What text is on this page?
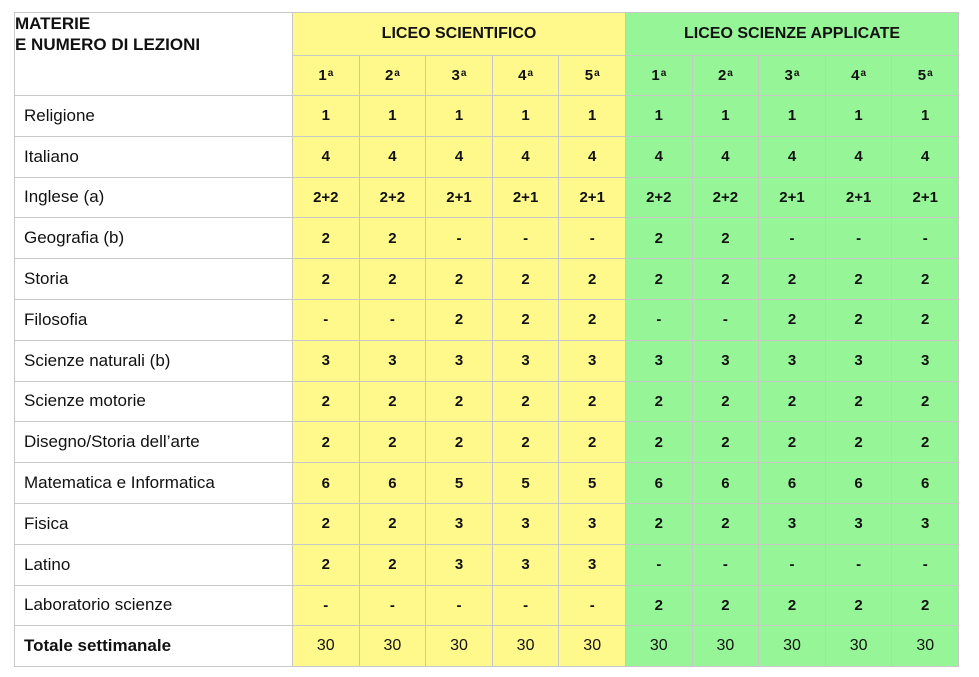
MATERIE
E NUMERO DI LEZIONI	LICEO SCIENTIFICO					LICEO SCIENZE APPLICATE				
	1$^a$	2$^a$	3$^a$	4$^a$	5$^a$	1$^a$	2$^a$	3$^a$	4$^a$	5$^a$
Religione	1	1	1	1	1	1	1	1	1	1
Italiano	4	4	4	4	4	4	4	4	4	4
Inglese (a)	2+2	2+2	2+1	2+1	2+1	2+2	2+2	2+1	2+1	2+1
Geografia (b)	2	2	-	-	-	2	2	-	-	-
Storia	2	2	2	2	2	2	2	2	2	2
Filosofia	-	-	2	2	2	-	-	2	2	2
Scienze naturali (b)	3	3	3	3	3	3	3	3	3	3
Scienze motorie	2	2	2	2	2	2	2	2	2	2
Disegno/Storia dell’arte	2	2	2	2	2	2	2	2	2	2
Matematica e Informatica	6	6	5	5	5	6	6	6	6	6
Fisica	2	2	3	3	3	2	2	3	3	3
Latino	2	2	3	3	3	-	-	-	-	-
Laboratorio scienze	-	-	-	-	-	2	2	2	2	2
Totale settimanale	30	30	30	30	30	30	30	30	30	30
